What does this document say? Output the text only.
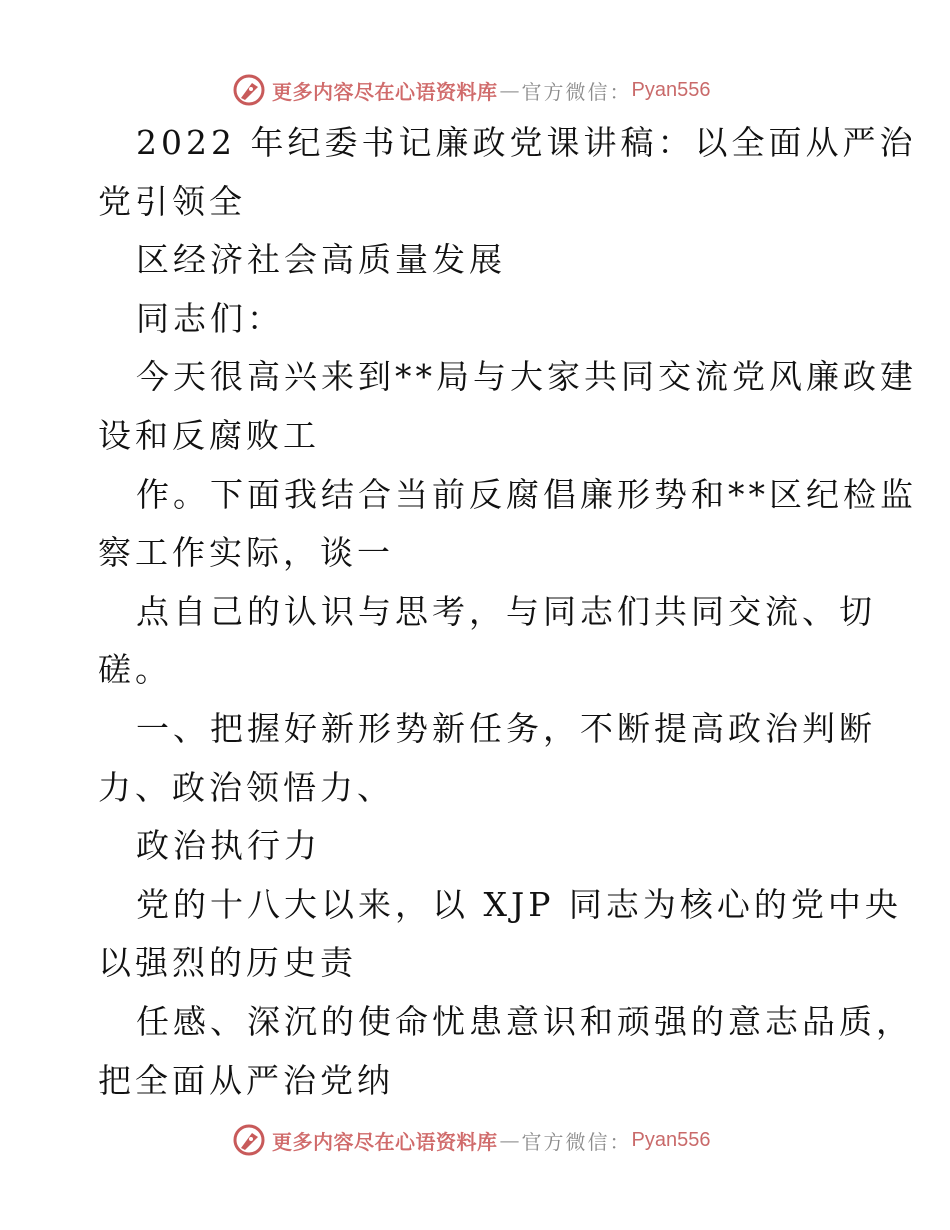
更多内容尽在心语资料库 — 官方微信： Pyan556
2022 年纪委书记廉政党课讲稿：以全面从严治
党引领全
区经济社会高质量发展
同志们：
今天很高兴来到**局与大家共同交流党风廉政建
设和反腐败工
作。下面我结合当前反腐倡廉形势和**区纪检监
察工作实际，谈一
点自己的认识与思考，与同志们共同交流、切
磋。
一、把握好新形势新任务，不断提高政治判断
力、政治领悟力、
政治执行力
党的十八大以来，以 XJP 同志为核心的党中央
以强烈的历史责
任感、深沉的使命忧患意识和顽强的意志品质，
把全面从严治党纳
更多内容尽在心语资料库 — 官方微信： Pyan556
